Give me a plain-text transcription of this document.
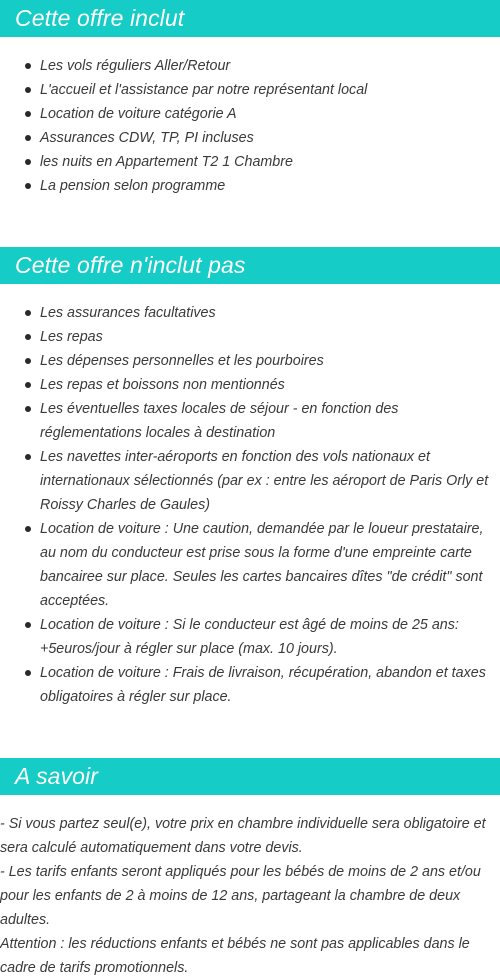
Cette offre inclut
Les vols réguliers Aller/Retour
L'accueil et l'assistance par notre représentant local
Location de voiture catégorie A
Assurances CDW, TP, PI incluses
les nuits en Appartement T2 1 Chambre
La pension selon programme
Cette offre n'inclut pas
Les assurances facultatives
Les repas
Les dépenses personnelles et les pourboires
Les repas et boissons non mentionnés
Les éventuelles taxes locales de séjour - en fonction des réglementations locales à destination
Les navettes inter-aéroports en fonction des vols nationaux et internationaux sélectionnés (par ex : entre les aéroport de Paris Orly et Roissy Charles de Gaules)
Location de voiture : Une caution, demandée par le loueur prestataire, au nom du conducteur est prise sous la forme d'une empreinte carte bancairee sur place. Seules les cartes bancaires dîtes "de crédit" sont acceptées.
Location de voiture : Si le conducteur est âgé de moins de 25 ans: +5euros/jour à régler sur place (max. 10 jours).
Location de voiture : Frais de livraison, récupération, abandon et taxes obligatoires à régler sur place.
A savoir

- Si vous partez seul(e), votre prix en chambre individuelle sera obligatoire et sera calculé automatiquement dans votre devis.

- Les tarifs enfants seront appliqués pour les bébés de moins de 2 ans et/ou pour les enfants de 2 à moins de 12 ans, partageant la chambre de deux adultes.

Attention : les réductions enfants et bébés ne sont pas applicables dans le cadre de tarifs promotionnels.
